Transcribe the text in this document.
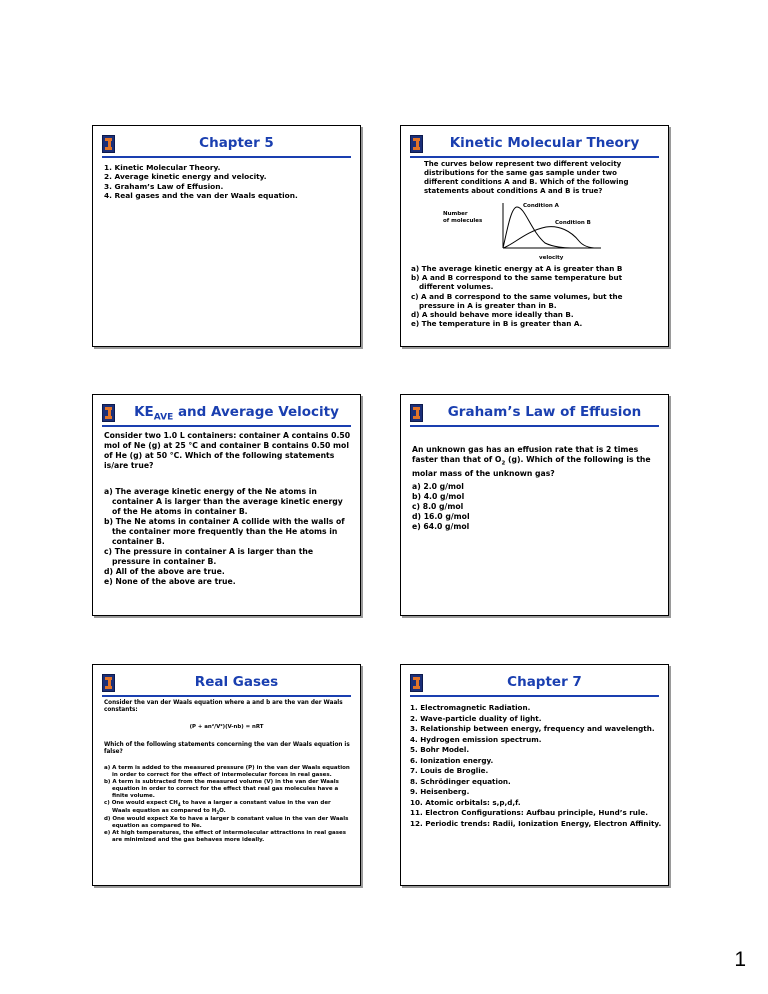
Chapter 5

1. Kinetic Molecular Theory.

2. Average kinetic energy and velocity.

3. Graham’s Law of Effusion.

4. Real gases and the van der Waals equation.

Kinetic Molecular Theory
The curves below represent two different velocity distributions for the same gas sample under two different conditions A and B. Which of the following statements about conditions A and B is true?
Number
of molecules
Condition A
Condition B
velocity

a) The average kinetic energy at A is greater than B

b) A and B correspond to the same temperature but different volumes.

c) A and B correspond to the same volumes, but the pressure in A is greater than in B.

d) A should behave more ideally than B.

e) The temperature in B is greater than A.

$KE_{AVE}$ and Average Velocity
Consider two 1.0 L containers: container A contains 0.50 mol of Ne (g) at 25 °C and container B contains 0.50 mol of He (g) at 50 °C. Which of the following statements is/are true?

a) The average kinetic energy of the Ne atoms in container A is larger than the average kinetic energy of the He atoms in container B.

b) The Ne atoms in container A collide with the walls of the container more frequently than the He atoms in container B.

c) The pressure in container A is larger than the pressure in container B.

d) All of the above are true.

e) None of the above are true.

Graham’s Law of Effusion
An unknown gas has an effusion rate that is 2 times faster than that of $O_2$ (g). Which of the following is the molar mass of the unknown gas?

a) 2.0 g/mol

b) 4.0 g/mol

c) 8.0 g/mol

d) 16.0 g/mol

e) 64.0 g/mol

Real Gases
Consider the van der Waals equation where a and b are the van der Waals constants:
(P + an²/V²)(V-nb) = nRT
Which of the following statements concerning the van der Waals equation is false?

a) A term is added to the measured pressure (P) in the van der Waals equation in order to correct for the effect of intermolecular forces in real gases.

b) A term is subtracted from the measured volume (V) in the van der Waals equation in order to correct for the effect that real gas molecules have a finite volume.

c) One would expect $CH_4$ to have a larger a constant value in the van der Waals equation as compared to $H_2O$.

d) One would expect Xe to have a larger b constant value in the van der Waals equation as compared to Ne.

e) At high temperatures, the effect of intermolecular attractions in real gases are minimized and the gas behaves more ideally.

Chapter 7

1. Electromagnetic Radiation.

2. Wave-particle duality of light.

3. Relationship between energy, frequency and wavelength.

4. Hydrogen emission spectrum.

5. Bohr Model.

6. Ionization energy.

7. Louis de Broglie.

8. Schrödinger equation.

9. Heisenberg.

10. Atomic orbitals: s,p,d,f.

11. Electron Configurations: Aufbau principle, Hund’s rule.

12. Periodic trends: Radii, Ionization Energy, Electron Affinity.

1
